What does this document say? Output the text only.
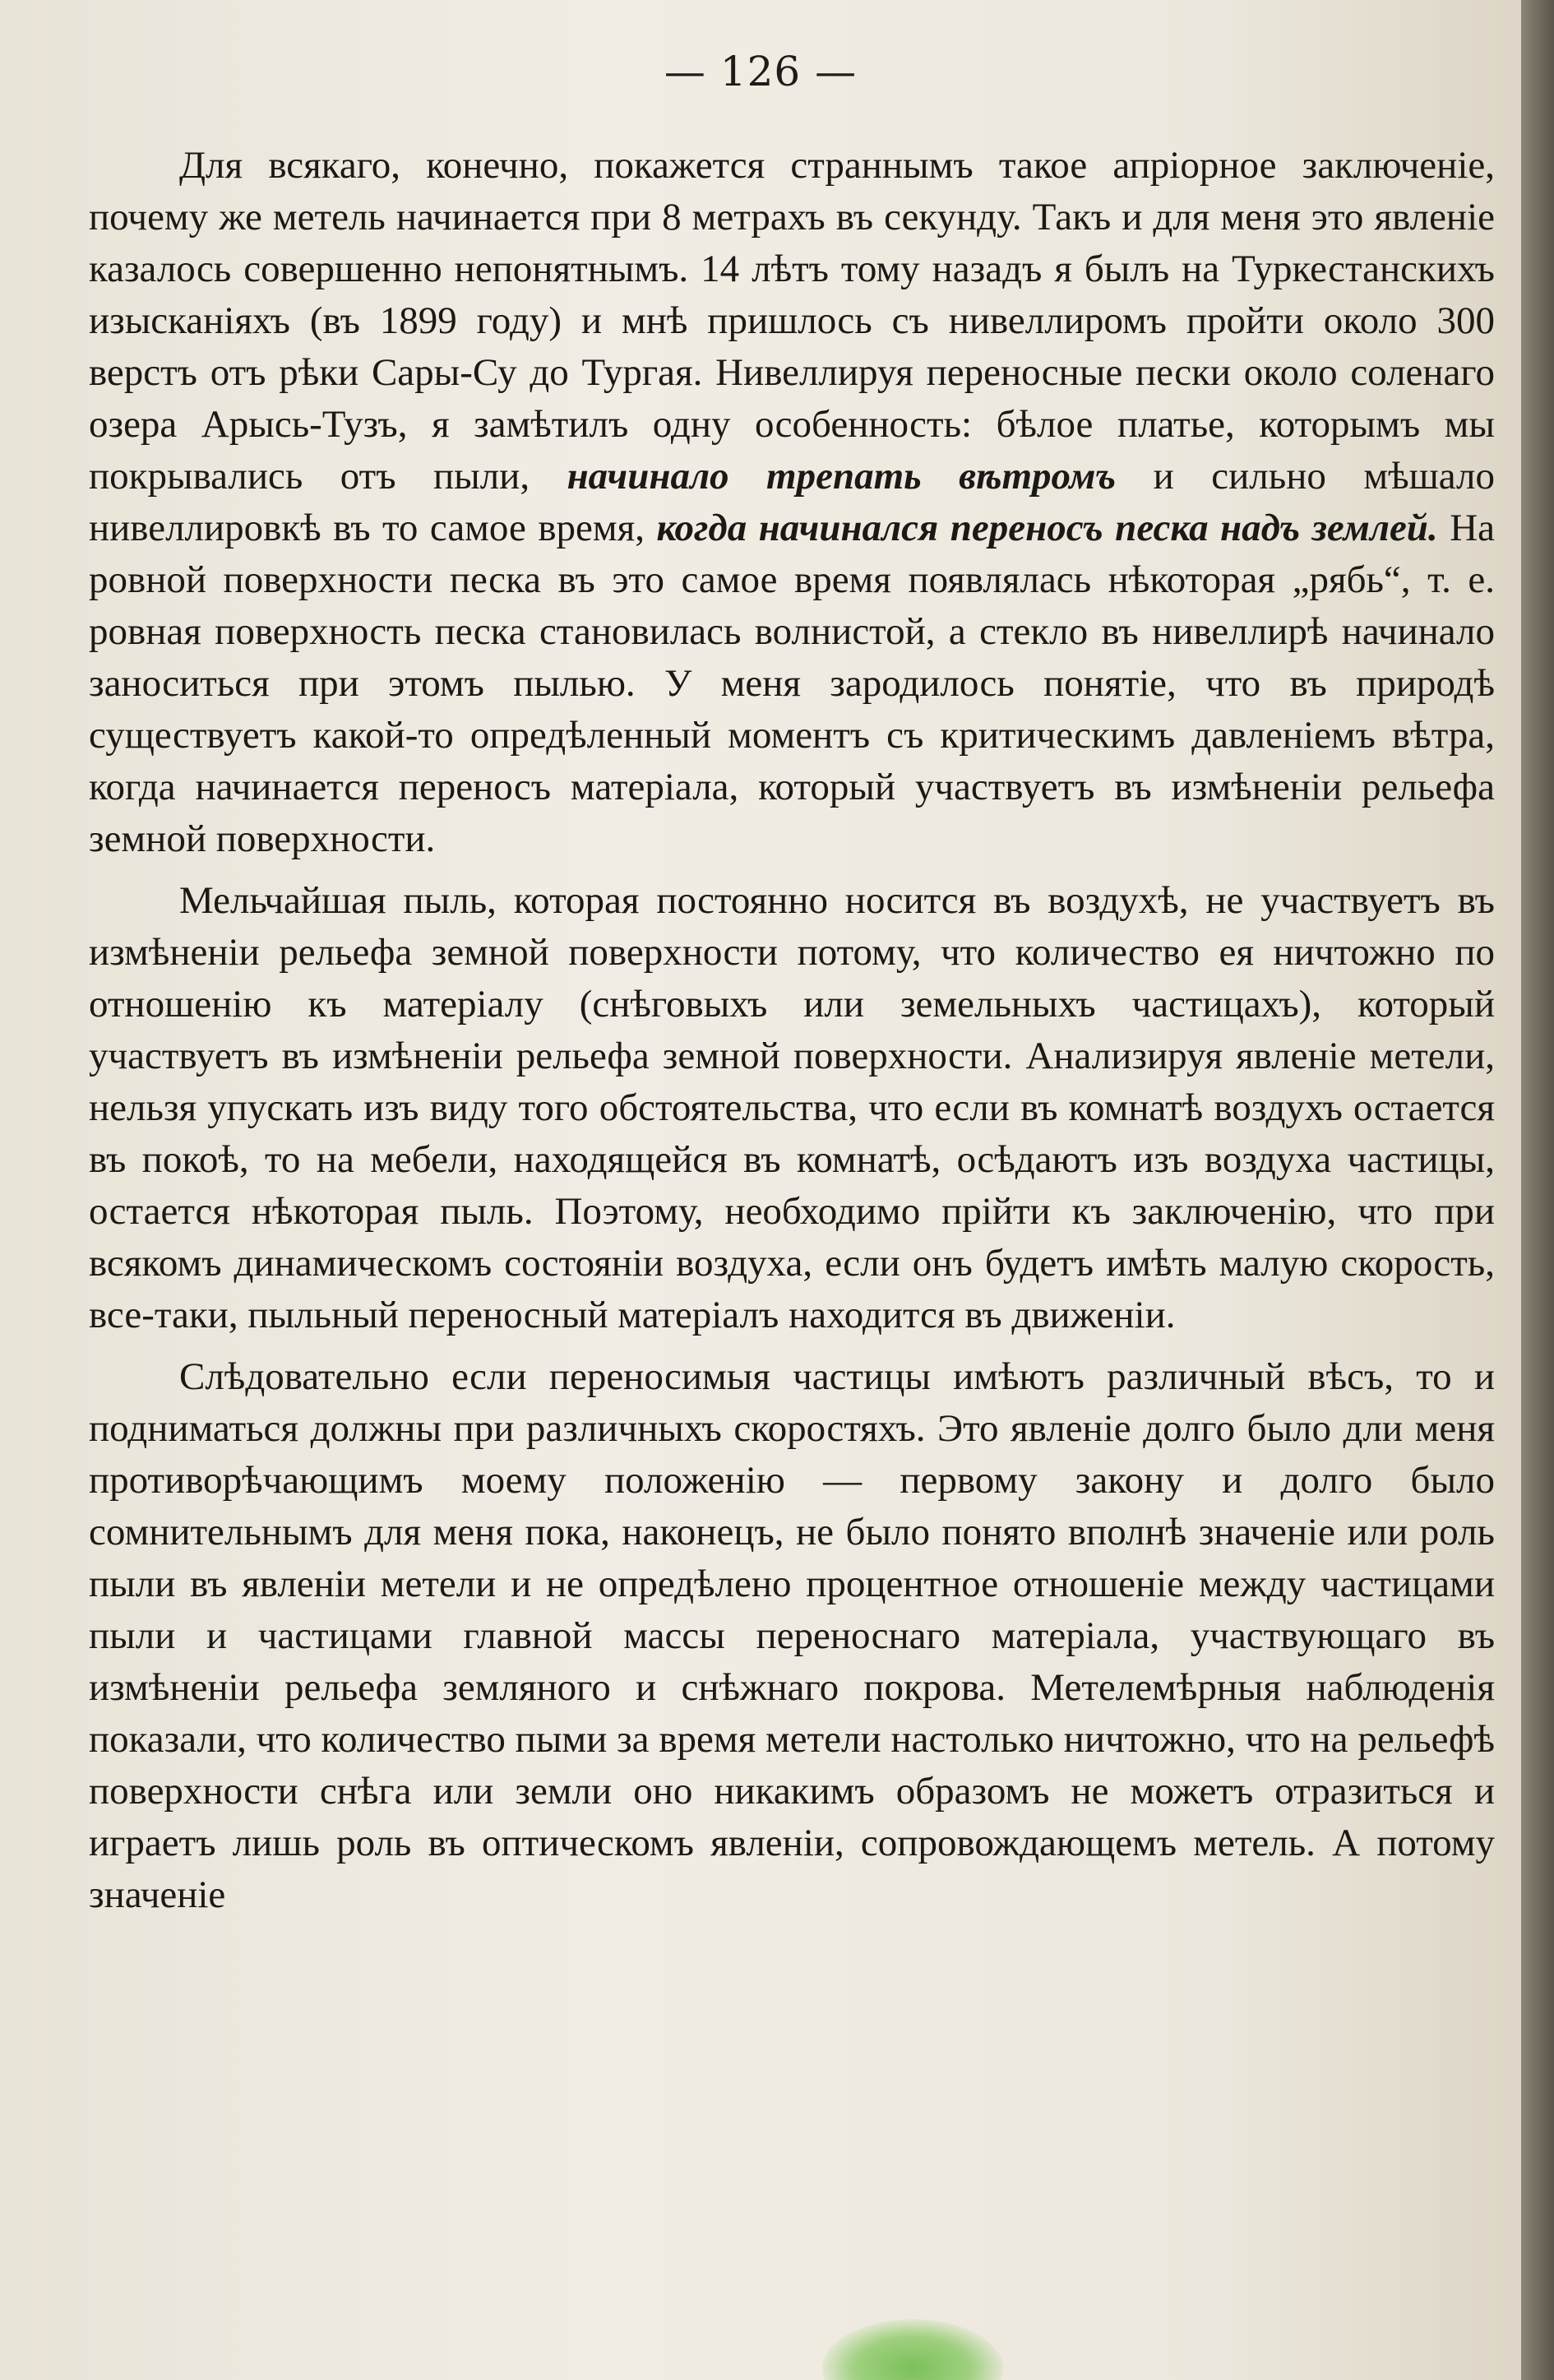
— 126 —

Для всякаго, конечно, покажется страннымъ такое апріорное заключеніе, почему же метель начинается при 8 метрахъ въ секунду. Такъ и для меня это явленіе казалось совершенно непонятнымъ. 14 лѣтъ тому назадъ я былъ на Туркестанскихъ изысканіяхъ (въ 1899 году) и мнѣ пришлось съ нивеллиромъ пройти около 300 верстъ отъ рѣки Сары-Су до Тургая. Нивеллируя переносные пески около соленаго озера Арысь-Тузъ, я замѣтилъ одну особенность: бѣлое платье, которымъ мы покрывались отъ пыли, начинало трепать вѣтромъ и сильно мѣшало нивеллировкѣ въ то самое время, когда начинался переносъ песка надъ землей. На ровной поверхности песка въ это самое время появлялась нѣкоторая „рябь“, т. е. ровная поверхность песка становилась волнистой, а стекло въ нивеллирѣ начинало заноситься при этомъ пылью. У меня зародилось понятіе, что въ природѣ существуетъ какой-то опредѣленный моментъ съ критическимъ давленіемъ вѣтра, когда начинается переносъ матеріала, который участвуетъ въ измѣненіи рельефа земной поверхности.

Мельчайшая пыль, которая постоянно носится въ воздухѣ, не участвуетъ въ измѣненіи рельефа земной поверхности потому, что количество ея ничтожно по отношенію къ матеріалу (снѣговыхъ или земельныхъ частицахъ), который участвуетъ въ измѣненіи рельефа земной поверхности. Анализируя явленіе метели, нельзя упускать изъ виду того обстоятельства, что если въ комнатѣ воздухъ остается въ покоѣ, то на мебели, находящейся въ комнатѣ, осѣдаютъ изъ воздуха частицы, остается нѣкоторая пыль. Поэтому, необходимо прійти къ заключенію, что при всякомъ динамическомъ состояніи воздуха, если онъ будетъ имѣть малую скорость, все-таки, пыльный переносный матеріалъ находится въ движеніи.

Слѣдовательно если переносимыя частицы имѣютъ различный вѣсъ, то и подниматься должны при различныхъ скоростяхъ. Это явленіе долго было дли меня противорѣчающимъ моему положенію — первому закону и долго было сомнительнымъ для меня пока, наконецъ, не было понято вполнѣ значеніе или роль пыли въ явленіи метели и не опредѣлено процентное отношеніе между частицами пыли и частицами главной массы переноснаго матеріала, участвующаго въ измѣненіи рельефа земляного и снѣжнаго покрова. Метелемѣрныя наблюденія показали, что количество пыми за время метели настолько ничтожно, что на рельефѣ поверхности снѣга или земли оно никакимъ образомъ не можетъ отразиться и играетъ лишь роль въ оптическомъ явленіи, сопровождающемъ метель. А потому значеніе
